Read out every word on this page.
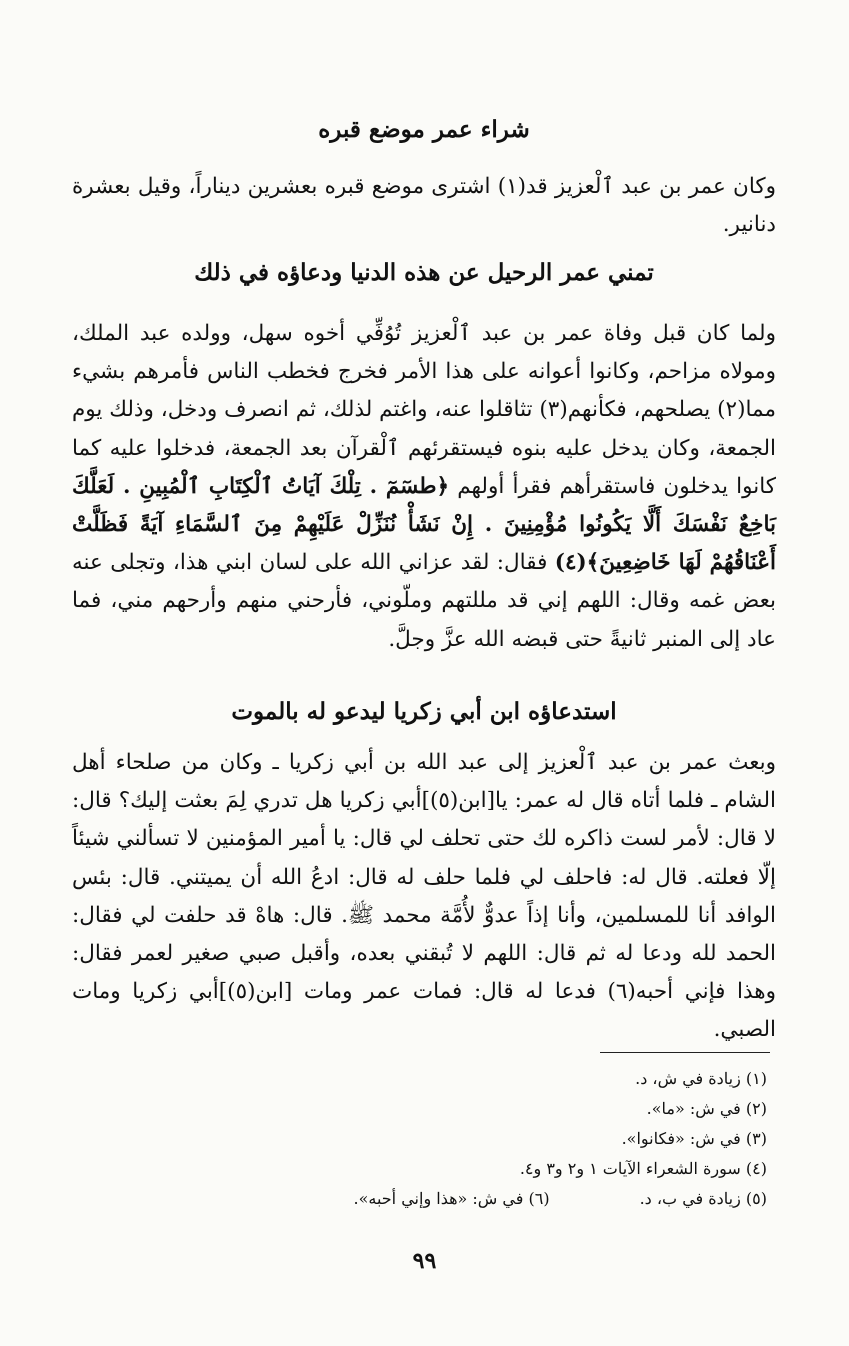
شراء عمر موضع قبره

وكان عمر بن عبد ٱلْعزيز قد(١) اشترى موضع قبره بعشرين ديناراً، وقيل بعشرة دنانير.

تمني عمر الرحيل عن هذه الدنيا ودعاؤه في ذلك

ولما كان قبل وفاة عمر بن عبد ٱلْعزيز تُوُفِّي أخوه سهل، وولده عبد الملك، ومولاه مزاحم، وكانوا أعوانه على هذا الأمر فخرج فخطب الناس فأمرهم بشيء مما(٢) يصلحهم، فكأنهم(٣) تثاقلوا عنه، واغتم لذلك، ثم انصرف ودخل، وذلك يوم الجمعة، وكان يدخل عليه بنوه فيستقرئهم ٱلْقرآن بعد الجمعة، فدخلوا عليه كما كانوا يدخلون فاستقرأهم فقرأ أولهم ﴿طسٓمٓ . تِلْكَ آيَاتُ ٱلْكِتَابِ ٱلْمُبِينِ . لَعَلَّكَ بَاخِعٌ نَفْسَكَ أَلَّا يَكُونُوا مُؤْمِنِينَ . إِنْ نَشَأْ نُنَزِّلْ عَلَيْهِمْ مِنَ ٱلسَّمَاءِ آيَةً فَظَلَّتْ أَعْنَاقُهُمْ لَهَا خَاضِعِينَ﴾(٤) فقال: لقد عزاني الله على لسان ابني هذا، وتجلى عنه بعض غمه وقال: اللهم إني قد مللتهم وملّوني، فأرحني منهم وأرحهم مني، فما عاد إلى المنبر ثانيةً حتى قبضه الله عزَّ وجلَّ.

استدعاؤه ابن أبي زكريا ليدعو له بالموت

وبعث عمر بن عبد ٱلْعزيز إلى عبد الله بن أبي زكريا ـ وكان من صلحاء أهل الشام ـ فلما أتاه قال له عمر: يا[ابن(٥)]أبي زكريا هل تدري لِمَ بعثت إليك؟ قال: لا قال: لأمر لست ذاكره لك حتى تحلف لي قال: يا أمير المؤمنين لا تسألني شيئاً إلّا فعلته. قال له: فاحلف لي فلما حلف له قال: ادعُ الله أن يميتني. قال: بئس الوافد أنا للمسلمين، وأنا إذاً عدوٌّ لأُمَّة محمد ﷺ. قال: هاهْ قد حلفت لي فقال: الحمد لله ودعا له ثم قال: اللهم لا تُبقني بعده، وأقبل صبي صغير لعمر فقال: وهذا فإني أحبه(٦) فدعا له قال: فمات عمر ومات [ابن(٥)]أبي زكريا ومات الصبي.

(١) زيادة في ش، د.
(٢) في ش: «ما».
(٣) في ش: «فكانوا».
(٤) سورة الشعراء الآيات ١ و٢ و٣ و٤.
(٥) زيادة في ب، د.
(٦) في ش: «هذا وإني أحبه».
٩٩
